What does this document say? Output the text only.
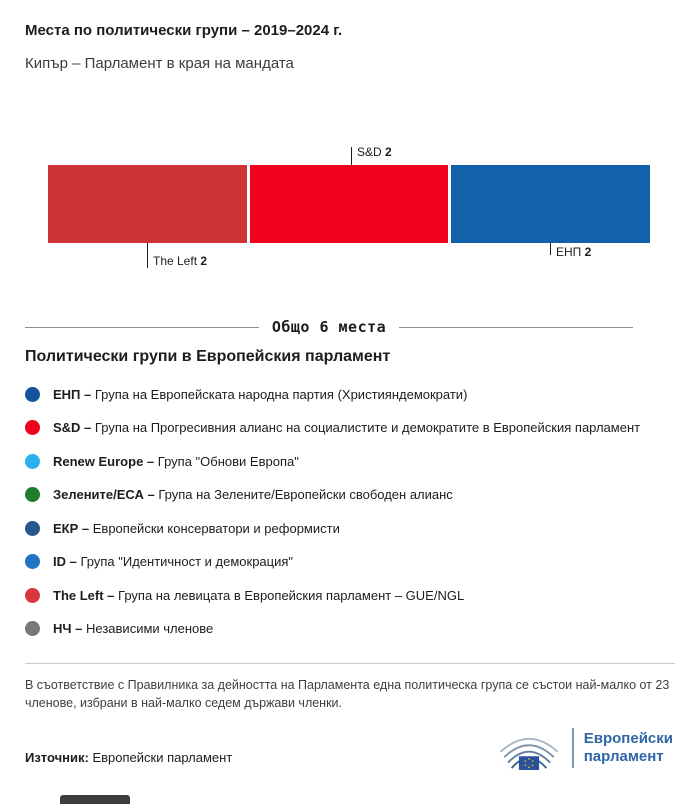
Места по политически групи – 2019–2024 г.

Кипър – Парламент в края на мандата

S&D 2
The Left 2
ЕНП 2
Общо 6 места
Политически групи в Европейския парламент
ЕНП – Група на Европейската народна партия (Християндемократи)
S&D – Група на Прогресивния алианс на социалистите и демократите в Европейския парламент
Renew Europe – Група "Обнови Европа"
Зелените/ЕСА – Група на Зелените/Европейски свободен алианс
ЕКР – Европейски консерватори и реформисти
ID – Група "Идентичност и демокрация"
The Left – Група на левицата в Европейския парламент – GUE/NGL
НЧ – Независими членове

В съответствие с Правилника за дейността на Парламента една политическа група се състои най-малко от 23 членове, избрани в най-малко седем държави членки.

Източник: Европейски парламент
Европейски
парламент
